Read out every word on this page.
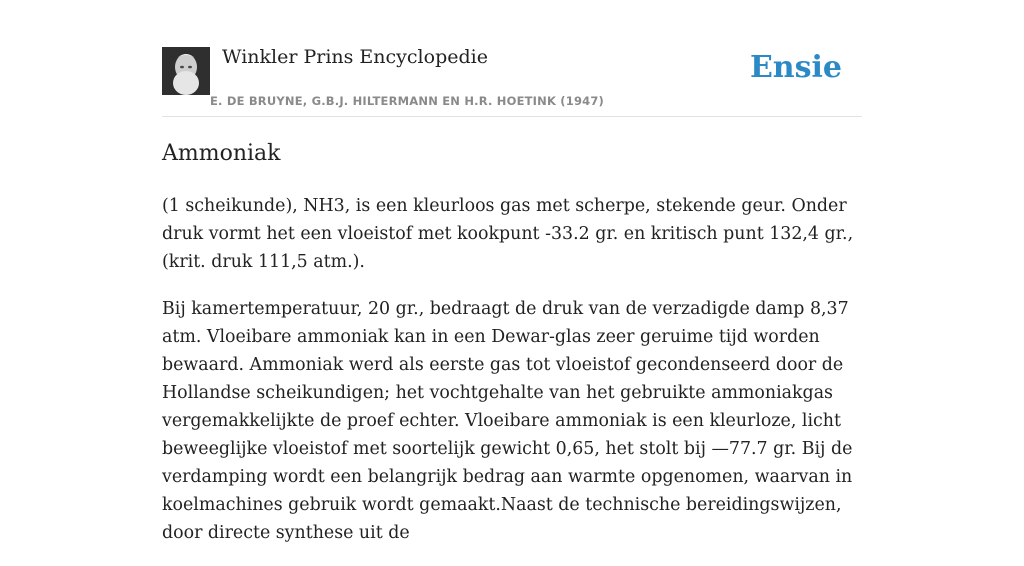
Winkler Prins Encyclopedie
E. DE BRUYNE, G.B.J. HILTERMANN EN H.R. HOETINK (1947)
Ensie
Ammoniak

(1 scheikunde), NH3, is een kleurloos gas met scherpe, stekende geur. Onder druk vormt het een vloeistof met kookpunt -33.2 gr. en kritisch punt 132,4 gr., (krit. druk 111,5 atm.).

Bij kamertemperatuur, 20 gr., bedraagt de druk van de verzadigde damp 8,37 atm. Vloeibare ammoniak kan in een Dewar-glas zeer geruime tijd worden bewaard. Ammoniak werd als eerste gas tot vloeistof gecondenseerd door de Hollandse scheikundigen; het vochtgehalte van het gebruikte ammoniakgas vergemakkelijkte de proef echter. Vloeibare ammoniak is een kleurloze, licht beweeglijke vloeistof met soortelijk gewicht 0,65, het stolt bij —77.7 gr. Bij de verdamping wordt een belangrijk bedrag aan warmte opgenomen, waarvan in koelmachines gebruik wordt gemaakt.Naast de technische bereidingswijzen, door directe synthese uit de
